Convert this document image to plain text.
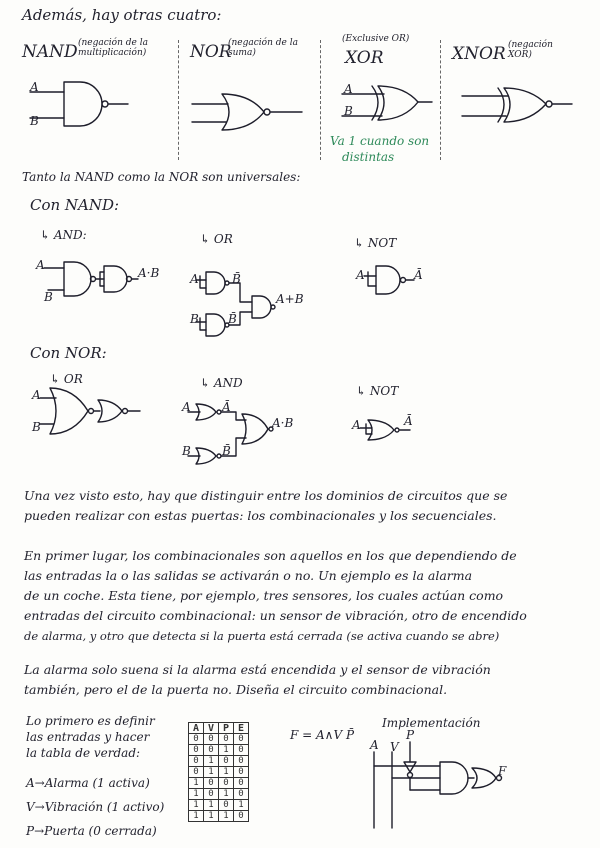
Además, hay otras cuatro:
NAND (negación de la multiplicación)	NOR
(negación de la suma)
(Exclusive OR)
XOR	XNOR (negación XOR)
A
B
A
B
Va 1 cuando son
distintas
Tanto la NAND como la NOR son universales:
Con NAND:
↳ AND:	↳ OR	↳ NOT
A
B
A·B	A	B̄
A+B
B B̄
A	Ā
Con NOR:
↳ OR	↳ AND
↳ NOT
A
B
A	Ā
B	B̄
A·B	A	Ā
Una vez visto esto, hay que distinguir entre los dominios de circuitos que se
pueden realizar con estas puertas: los combinacionales y los secuenciales.
En primer lugar, los combinacionales son aquellos en los que dependiendo de
las entradas la o las salidas se activarán o no. Un ejemplo es la alarma
de un coche. Esta tiene, por ejemplo, tres sensores, los cuales actúan como
entradas del circuito combinacional: un sensor de vibración, otro de encendido
de alarma, y otro que detecta si la puerta está cerrada (se activa cuando se abre)
La alarma solo suena si la alarma está encendida y el sensor de vibración
también, pero el de la puerta no. Diseña el circuito combinacional.
Lo primero es definir
las entradas y hacer
la tabla de verdad:
A→Alarma (1 activa)
V→Vibración (1 activo)
P→Puerta (0 cerrada)
A	V	P	E
0	0	0	0
0	0	1	0
0	1	0	0
0	1	1	0
1	0	0	0
1	0	1	0
1	1	0	1
1	1	1	0
F = A∧V P̄
Implementación
A V
P
F
